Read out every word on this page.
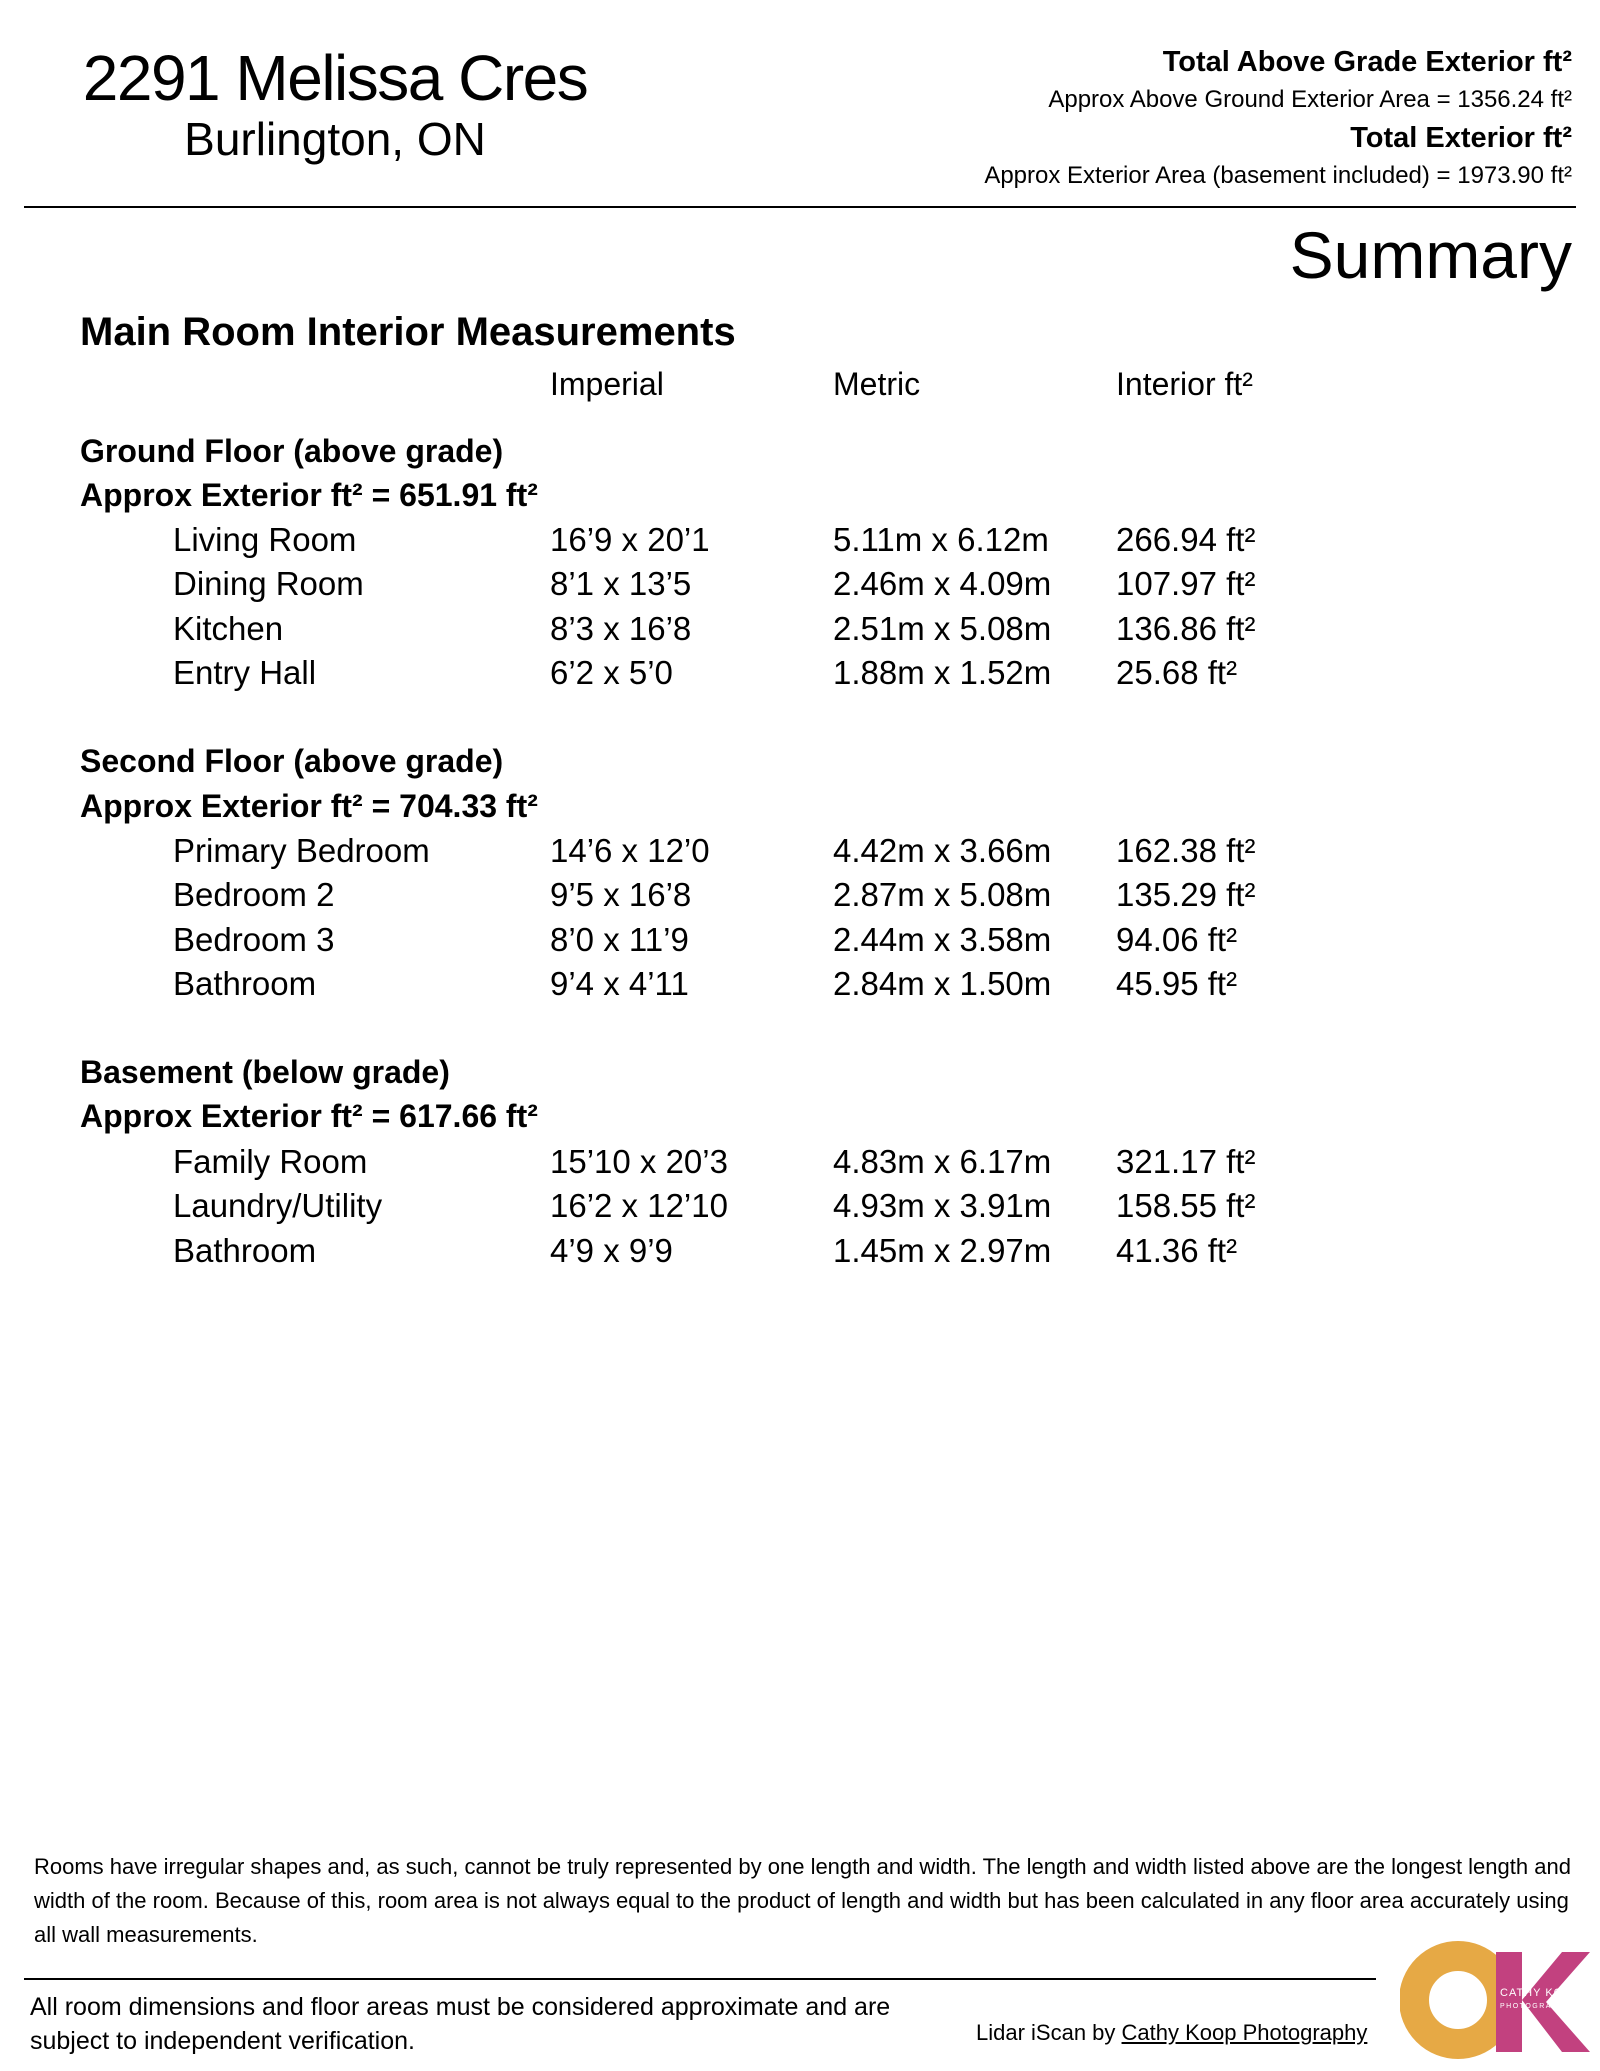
2291 Melissa Cres
Burlington, ON
Total Above Grade Exterior ft²
Approx Above Ground Exterior Area = 1356.24 ft²
Total Exterior ft²
Approx Exterior Area (basement included) = 1973.90 ft²
Summary
Main Room Interior Measurements
Imperial	Metric	Interior ft²
Ground Floor (above grade)
Approx Exterior ft² = 651.91 ft²
Living Room	16’9 x 20’1	5.11m x 6.12m 266.94 ft²
Dining Room	8’1 x 13’5	2.46m x 4.09m 107.97 ft²
Kitchen	8’3 x 16’8	2.51m x 5.08m 136.86 ft²
Entry Hall	6’2 x 5’0	1.88m x 1.52m 25.68 ft²
Second Floor (above grade)
Approx Exterior ft² = 704.33 ft²
Primary Bedroom	14’6 x 12’0	4.42m x 3.66m 162.38 ft²
Bedroom 2	9’5 x 16’8	2.87m x 5.08m 135.29 ft²
Bedroom 3	8’0 x 11’9	2.44m x 3.58m 94.06 ft²
Bathroom	9’4 x 4’11	2.84m x 1.50m 45.95 ft²
Basement (below grade)
Approx Exterior ft² = 617.66 ft²
Family Room	15’10 x 20’3	4.83m x 6.17m 321.17 ft²
Laundry/Utility	16’2 x 12’10	4.93m x 3.91m 158.55 ft²
Bathroom	4’9 x 9’9	1.45m x 2.97m 41.36 ft²
Rooms have irregular shapes and, as such, cannot be truly represented by one length and width. The length and width listed above are the longest length and width of the room. Because of this, room area is not always equal to the product of length and width but has been calculated in any floor area accurately using all wall measurements.
All room dimensions and floor areas must be considered approximate and are subject to independent verification.	Lidar iScan by Cathy Koop Photography
CATHY KOOP
PHOTOGRAPHY
